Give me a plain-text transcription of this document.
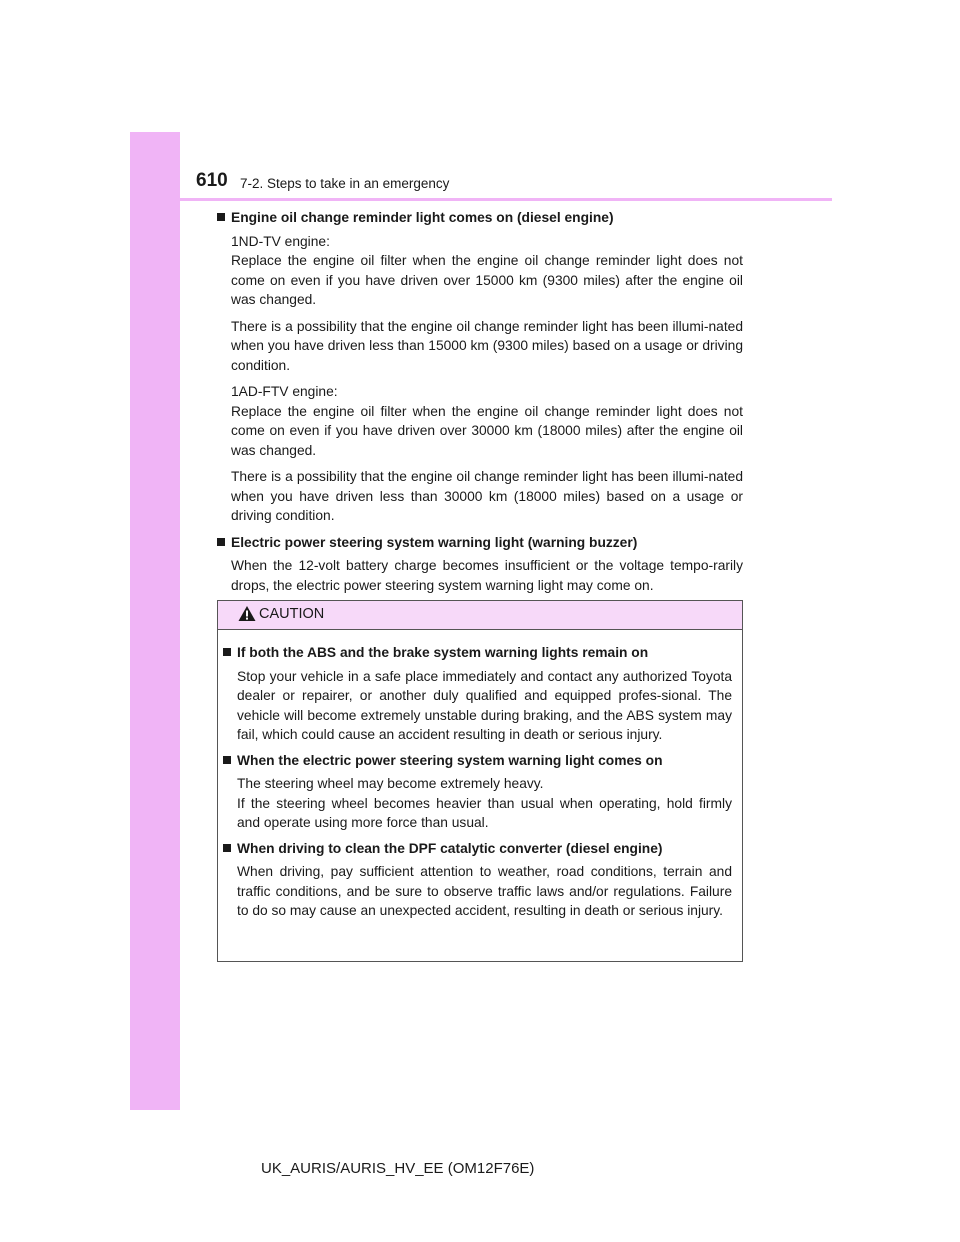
610 7-2. Steps to take in an emergency
Engine oil change reminder light comes on (diesel engine)
1ND-TV engine:
Replace the engine oil filter when the engine oil change reminder light does not come on even if you have driven over 15000 km (9300 miles) after the engine oil was changed.
There is a possibility that the engine oil change reminder light has been illumi-nated when you have driven less than 15000 km (9300 miles) based on a usage or driving condition.
1AD-FTV engine:
Replace the engine oil filter when the engine oil change reminder light does not come on even if you have driven over 30000 km (18000 miles) after the engine oil was changed.
There is a possibility that the engine oil change reminder light has been illumi-nated when you have driven less than 30000 km (18000 miles) based on a usage or driving condition.
Electric power steering system warning light (warning buzzer)
When the 12-volt battery charge becomes insufficient or the voltage tempo-rarily drops, the electric power steering system warning light may come on.
CAUTION
If both the ABS and the brake system warning lights remain on
Stop your vehicle in a safe place immediately and contact any authorized Toyota dealer or repairer, or another duly qualified and equipped profes-sional. The vehicle will become extremely unstable during braking, and the ABS system may fail, which could cause an accident resulting in death or serious injury.
When the electric power steering system warning light comes on
The steering wheel may become extremely heavy.
If the steering wheel becomes heavier than usual when operating, hold firmly and operate using more force than usual.
When driving to clean the DPF catalytic converter (diesel engine)
When driving, pay sufficient attention to weather, road conditions, terrain and traffic conditions, and be sure to observe traffic laws and/or regulations. Failure to do so may cause an unexpected accident, resulting in death or serious injury.
UK_AURIS/AURIS_HV_EE (OM12F76E)
